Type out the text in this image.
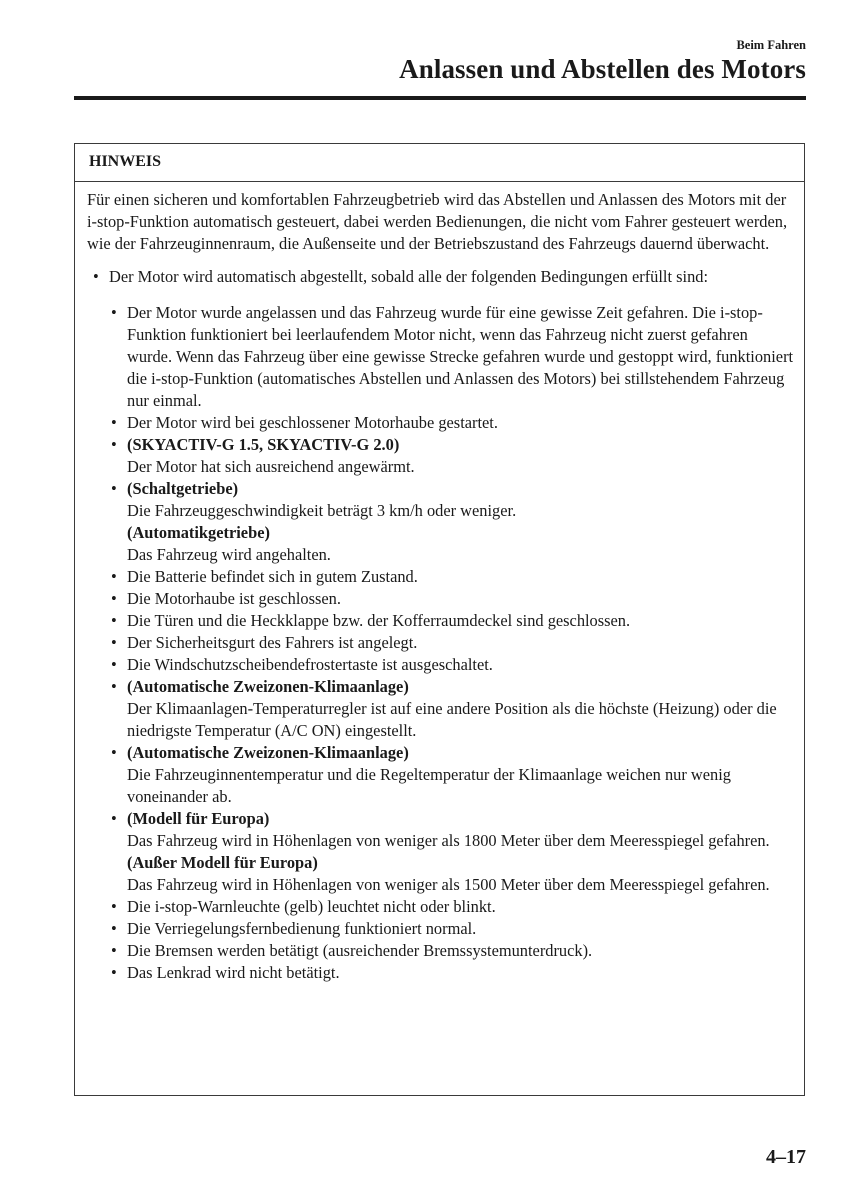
Beim Fahren
Anlassen und Abstellen des Motors
HINWEIS

Für einen sicheren und komfortablen Fahrzeugbetrieb wird das Abstellen und Anlassen des Motors mit der i-stop-Funktion automatisch gesteuert, dabei werden Bedienungen, die nicht vom Fahrer gesteuert werden, wie der Fahrzeuginnenraum, die Außenseite und der Betriebszustand des Fahrzeugs dauernd überwacht.

• Der Motor wird automatisch abgestellt, sobald alle der folgenden Bedingungen erfüllt sind:
• Der Motor wurde angelassen und das Fahrzeug wurde für eine gewisse Zeit gefahren. Die i-stop-Funktion funktioniert bei leerlaufendem Motor nicht, wenn das Fahrzeug nicht zuerst gefahren wurde. Wenn das Fahrzeug über eine gewisse Strecke gefahren wurde und gestoppt wird, funktioniert die i-stop-Funktion (automatisches Abstellen und Anlassen des Motors) bei stillstehendem Fahrzeug nur einmal.
• Der Motor wird bei geschlossener Motorhaube gestartet.
• (SKYACTIV-G 1.5, SKYACTIV-G 2.0)
Der Motor hat sich ausreichend angewärmt.
• (Schaltgetriebe)
Die Fahrzeuggeschwindigkeit beträgt 3 km/h oder weniger.
(Automatikgetriebe)
Das Fahrzeug wird angehalten.
• Die Batterie befindet sich in gutem Zustand.
• Die Motorhaube ist geschlossen.
• Die Türen und die Heckklappe bzw. der Kofferraumdeckel sind geschlossen.
• Der Sicherheitsgurt des Fahrers ist angelegt.
• Die Windschutzscheibendefrostertaste ist ausgeschaltet.
• (Automatische Zweizonen-Klimaanlage)
Der Klimaanlagen-Temperaturregler ist auf eine andere Position als die höchste (Heizung) oder die niedrigste Temperatur (A/C ON) eingestellt.
• (Automatische Zweizonen-Klimaanlage)
Die Fahrzeuginnentemperatur und die Regeltemperatur der Klimaanlage weichen nur wenig voneinander ab.
• (Modell für Europa)
Das Fahrzeug wird in Höhenlagen von weniger als 1800 Meter über dem Meeresspiegel gefahren.
(Außer Modell für Europa)
Das Fahrzeug wird in Höhenlagen von weniger als 1500 Meter über dem Meeresspiegel gefahren.
• Die i-stop-Warnleuchte (gelb) leuchtet nicht oder blinkt.
• Die Verriegelungsfernbedienung funktioniert normal.
• Die Bremsen werden betätigt (ausreichender Bremssystemunterdruck).
• Das Lenkrad wird nicht betätigt.
4–17
